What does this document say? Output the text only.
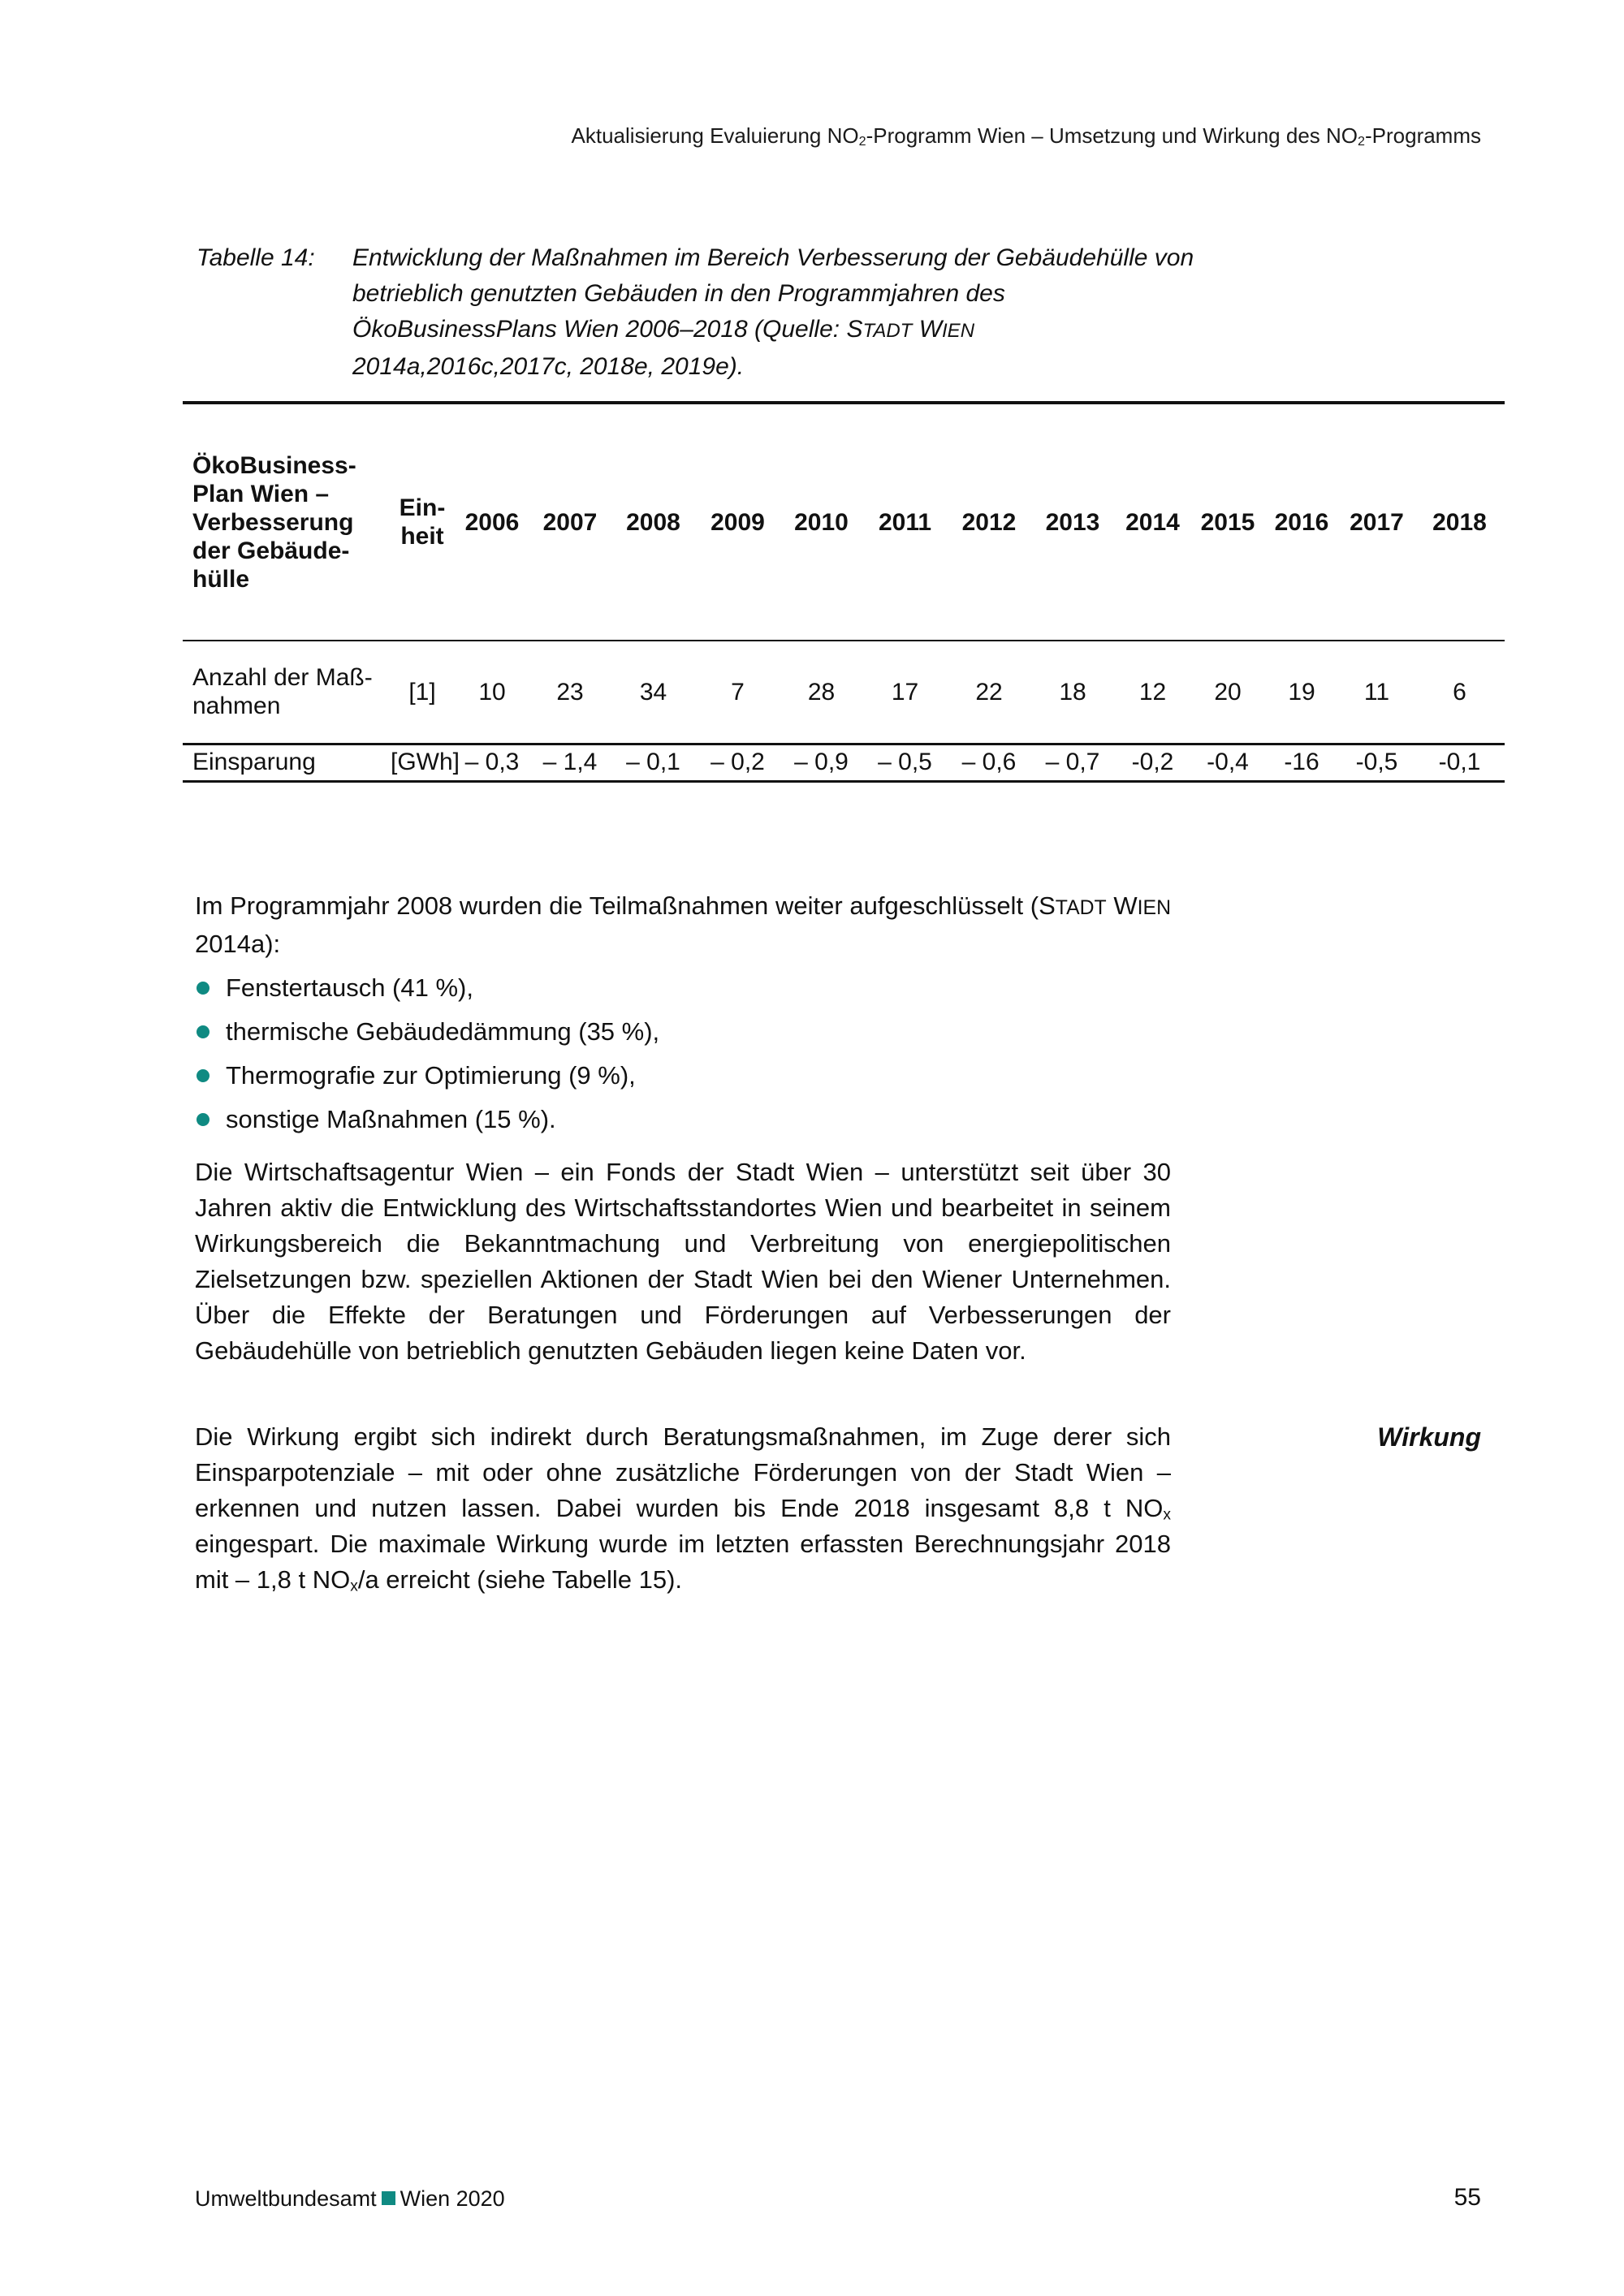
Aktualisierung Evaluierung $NO_2$-Programm Wien – Umsetzung und Wirkung des $NO_2$-Programms
Tabelle 14: Entwicklung der Maßnahmen im Bereich Verbesserung der Gebäudehülle von betrieblich genutzten Gebäuden in den Programmjahren des ÖkoBusinessPlans Wien 2006–2018 (Quelle: STADT WIEN
2014a,2016c,2017c, 2018e, 2019e).
ÖkoBusiness-
Plan Wien –
Verbesserung
der Gebäude-
hülle	Ein-
heit	2006	2007	2008	2009	2010	2011	2012	2013	2014	2015	2016	2017	2018
Anzahl der Maß-
nahmen	[1]	10	23	34	7	28	17	22	18	12	20	19	11	6
Einsparung	[GWh]	– 0,3	– 1,4	– 0,1	– 0,2	– 0,9	– 0,5	– 0,6	– 0,7	-0,2	-0,4	-16	-0,5	-0,1
Im Programmjahr 2008 wurden die Teilmaßnahmen weiter aufgeschlüsselt (STADT WIEN 2014a):
Fenstertausch (41 %),
thermische Gebäudedämmung (35 %),
Thermografie zur Optimierung (9 %),
sonstige Maßnahmen (15 %).
Die Wirtschaftsagentur Wien – ein Fonds der Stadt Wien – unterstützt seit über 30 Jahren aktiv die Entwicklung des Wirtschaftsstandortes Wien und bearbeitet in seinem Wirkungsbereich die Bekanntmachung und Verbreitung von energiepolitischen Zielsetzungen bzw. speziellen Aktionen der Stadt Wien bei den Wiener Unternehmen. Über die Effekte der Beratungen und Förderungen auf Verbesserungen der Gebäudehülle von betrieblich genutzten Gebäuden liegen keine Daten vor.
Die Wirkung ergibt sich indirekt durch Beratungsmaßnahmen, im Zuge derer sich Einsparpotenziale – mit oder ohne zusätzliche Förderungen von der Stadt Wien – erkennen und nutzen lassen. Dabei wurden bis Ende 2018 insgesamt 8,8 t $NO_x$ eingespart. Die maximale Wirkung wurde im letzten erfassten Berechnungsjahr 2018 mit – 1,8 t $NO_x/a$ erreicht (siehe Tabelle 15).
Wirkung
Umweltbundesamt Wien 2020	55
